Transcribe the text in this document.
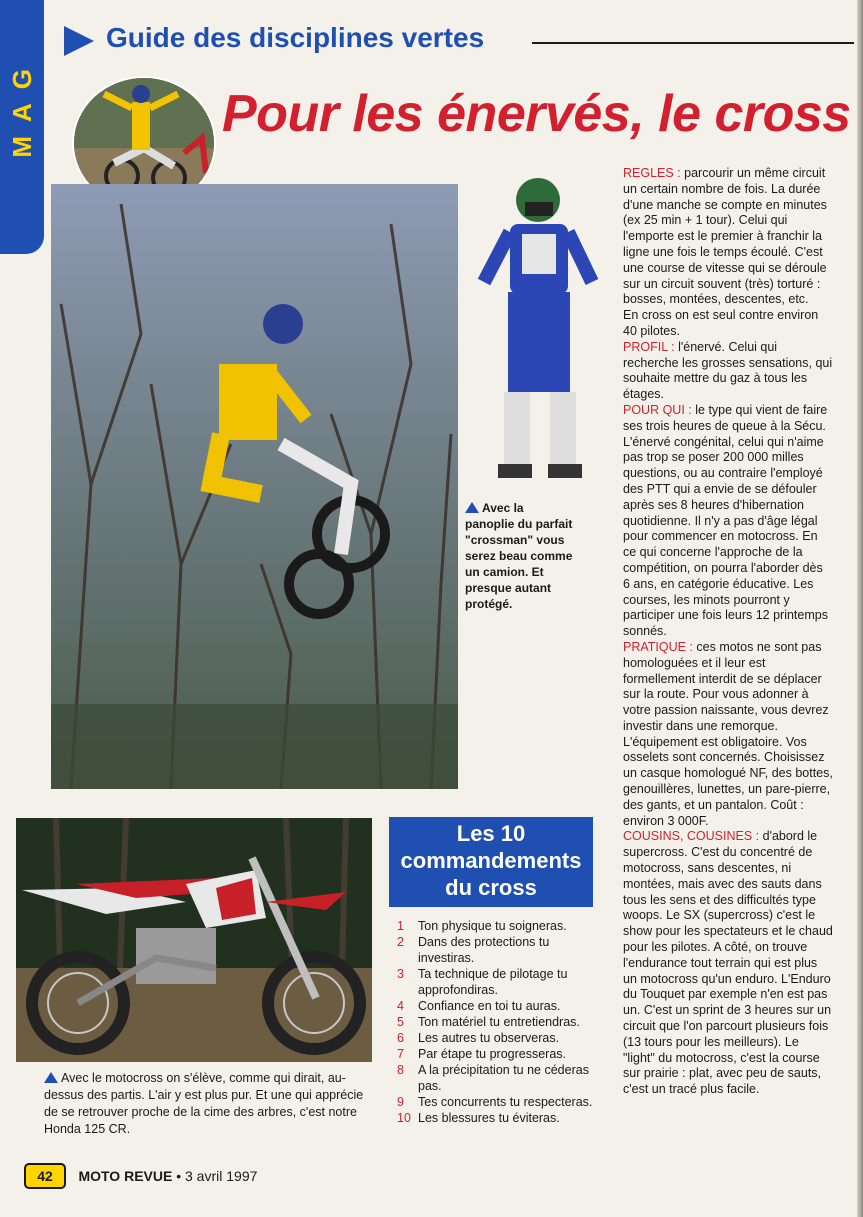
MAG
Guide des disciplines vertes
Pour les énervés, le cross
Avec la panoplie du parfait "crossman" vous serez beau comme un camion. Et presque autant protégé.
Avec le motocross on s'élève, comme qui dirait, au-dessus des partis. L'air y est plus pur. Et une qui apprécie de se retrouver proche de la cime des arbres, c'est notre Honda 125 CR.
Les 10
commandements
du cross
1 Ton physique tu soigneras.
2 Dans des protections tu investiras.
3 Ta technique de pilotage tu approfondiras.
4 Confiance en toi tu auras.
5 Ton matériel tu entretiendras.
6 Les autres tu observeras.
7 Par étape tu progresseras.
8 A la précipitation tu ne céderas pas.
9 Tes concurrents tu respecteras.
10 Les blessures tu éviteras.

REGLES : parcourir un même circuit un certain nombre de fois. La durée d'une manche se compte en minutes (ex 25 min + 1 tour). Celui qui l'emporte est le premier à franchir la ligne une fois le temps écoulé. C'est une course de vitesse qui se déroule sur un circuit souvent (très) torturé : bosses, montées, descentes, etc.

En cross on est seul contre environ 40 pilotes.

PROFIL : l'énervé. Celui qui recherche les grosses sensations, qui souhaite mettre du gaz à tous les étages.

POUR QUI : le type qui vient de faire ses trois heures de queue à la Sécu. L'énervé congénital, celui qui n'aime pas trop se poser 200 000 milles questions, ou au contraire l'employé des PTT qui a envie de se défouler après ses 8 heures d'hibernation quotidienne. Il n'y a pas d'âge légal pour commencer en motocross. En ce qui concerne l'approche de la compétition, on pourra l'aborder dès 6 ans, en catégorie éducative. Les courses, les minots pourront y participer une fois leurs 12 printemps sonnés.

PRATIQUE : ces motos ne sont pas homologuées et il leur est formellement interdit de se déplacer sur la route. Pour vous adonner à votre passion naissante, vous devrez investir dans une remorque. L'équipement est obligatoire. Vos osselets sont concernés. Choisissez un casque homologué NF, des bottes, genouillères, lunettes, un pare-pierre, des gants, et un pantalon. Coût : environ 3 000F.

COUSINS, COUSINES : d'abord le supercross. C'est du concentré de motocross, sans descentes, ni montées, mais avec des sauts dans tous les sens et des difficultés type woops. Le SX (supercross) c'est le show pour les spectateurs et le chaud pour les pilotes. A côté, on trouve l'endurance tout terrain qui est plus un motocross qu'un enduro. L'Enduro du Touquet par exemple n'en est pas un. C'est un sprint de 3 heures sur un circuit que l'on parcourt plusieurs fois (13 tours pour les meilleurs). Le "light" du motocross, c'est la course sur prairie : plat, avec peu de sauts, c'est un tracé plus facile.

42 MOTO REVUE • 3 avril 1997
